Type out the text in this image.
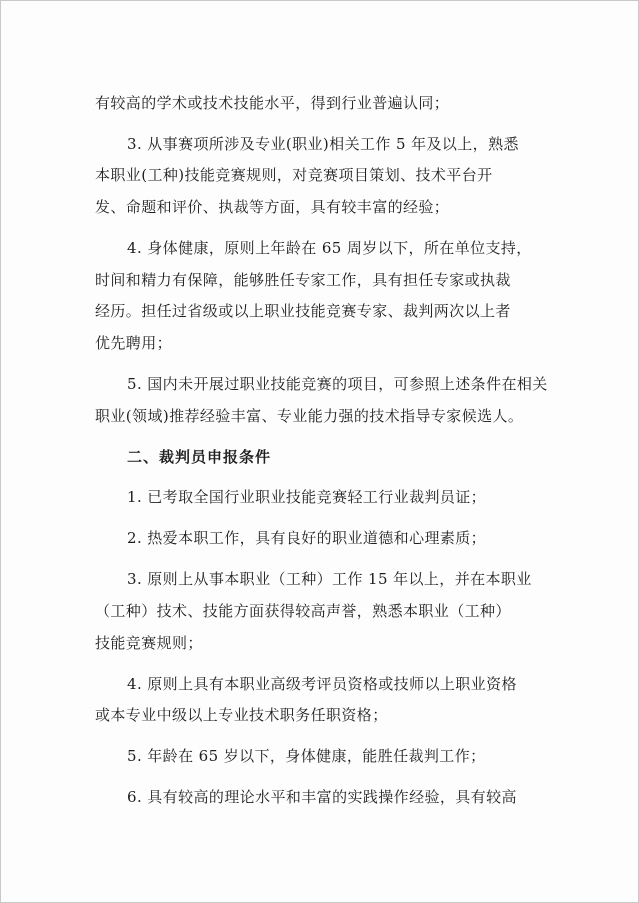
有较高的学术或技术技能水平，得到行业普遍认同；
3. 从事赛项所涉及专业(职业)相关工作 5 年及以上，熟悉
本职业(工种)技能竞赛规则，对竞赛项目策划、技术平台开
发、命题和评价、执裁等方面，具有较丰富的经验；
4. 身体健康，原则上年龄在 65 周岁以下，所在单位支持，
时间和精力有保障，能够胜任专家工作，具有担任专家或执裁
经历。担任过省级或以上职业技能竞赛专家、裁判两次以上者
优先聘用；
5. 国内未开展过职业技能竞赛的项目，可参照上述条件在相关
职业(领域)推荐经验丰富、专业能力强的技术指导专家候选人。
二、裁判员申报条件
1. 已考取全国行业职业技能竞赛轻工行业裁判员证；
2. 热爱本职工作，具有良好的职业道德和心理素质；
3. 原则上从事本职业（工种）工作 15 年以上，并在本职业
（工种）技术、技能方面获得较高声誉，熟悉本职业（工种）
技能竞赛规则；
4. 原则上具有本职业高级考评员资格或技师以上职业资格
或本专业中级以上专业技术职务任职资格；
5. 年龄在 65 岁以下，身体健康，能胜任裁判工作；
6. 具有较高的理论水平和丰富的实践操作经验，具有较高
